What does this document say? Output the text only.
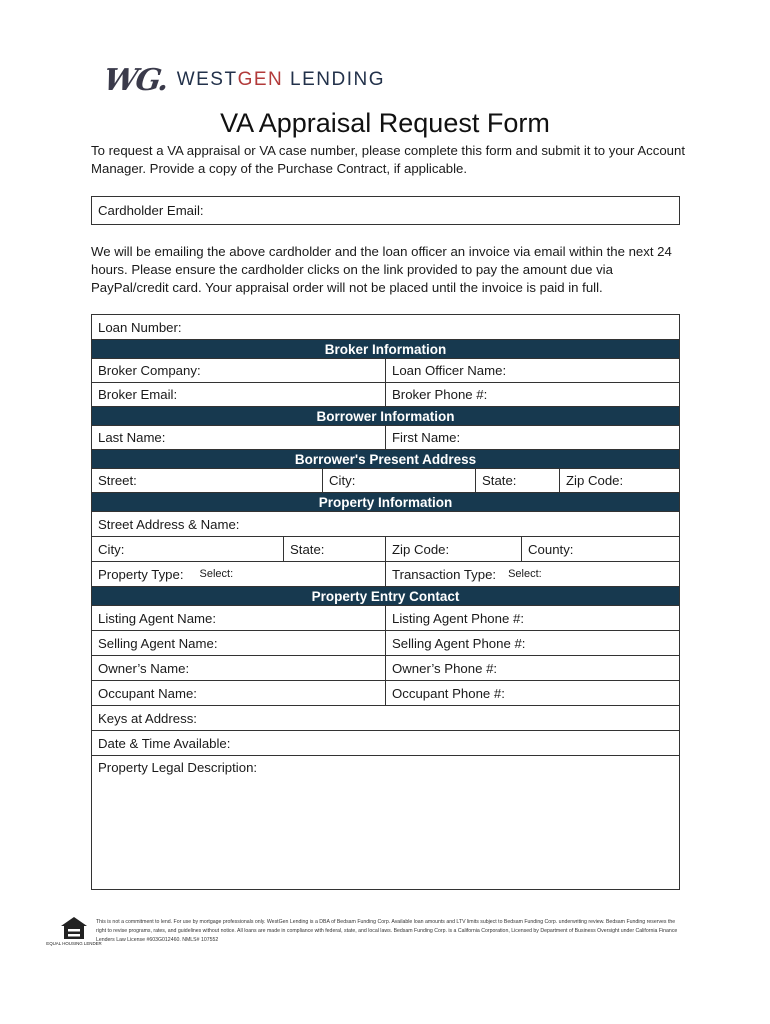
WG. WESTGEN LENDING
VA Appraisal Request Form
To request a VA appraisal or VA case number, please complete this form and submit it to your Account Manager. Provide a copy of the Purchase Contract, if applicable.
Cardholder Email:
We will be emailing the above cardholder and the loan officer an invoice via email within the next 24 hours. Please ensure the cardholder clicks on the link provided to pay the amount due via PayPal/credit card. Your appraisal order will not be placed until the invoice is paid in full.
Loan Number:
Broker Information
Broker Company:	Loan Officer Name:
Broker Email:	Broker Phone #:
Borrower Information
Last Name:	First Name:
Borrower's Present Address
Street:	City:	State:	Zip Code:
Property Information
Street Address & Name:
City:	State:	Zip Code:	County:
Property Type: Select:	Transaction Type: Select:
Property Entry Contact
Listing Agent Name:	Listing Agent Phone #:
Selling Agent Name:	Selling Agent Phone #:
Owner’s Name:	Owner’s Phone #:
Occupant Name:	Occupant Phone #:
Keys at Address:
Date & Time Available:
Property Legal Description:
EQUAL HOUSING LENDER
This is not a commitment to lend. For use by mortgage professionals only. WestGen Lending is a DBA of Bedsam Funding Corp. Available loan amounts and LTV limits subject to Bedsam Funding Corp. underwriting review. Bedsam Funding reserves the right to revise programs, rates, and guidelines without notice. All loans are made in compliance with federal, state, and local laws. Bedsam Funding Corp. is a California Corporation, Licensed by Department of Business Oversight under California Finance Lenders Law License #603G012460. NMLS# 107552
